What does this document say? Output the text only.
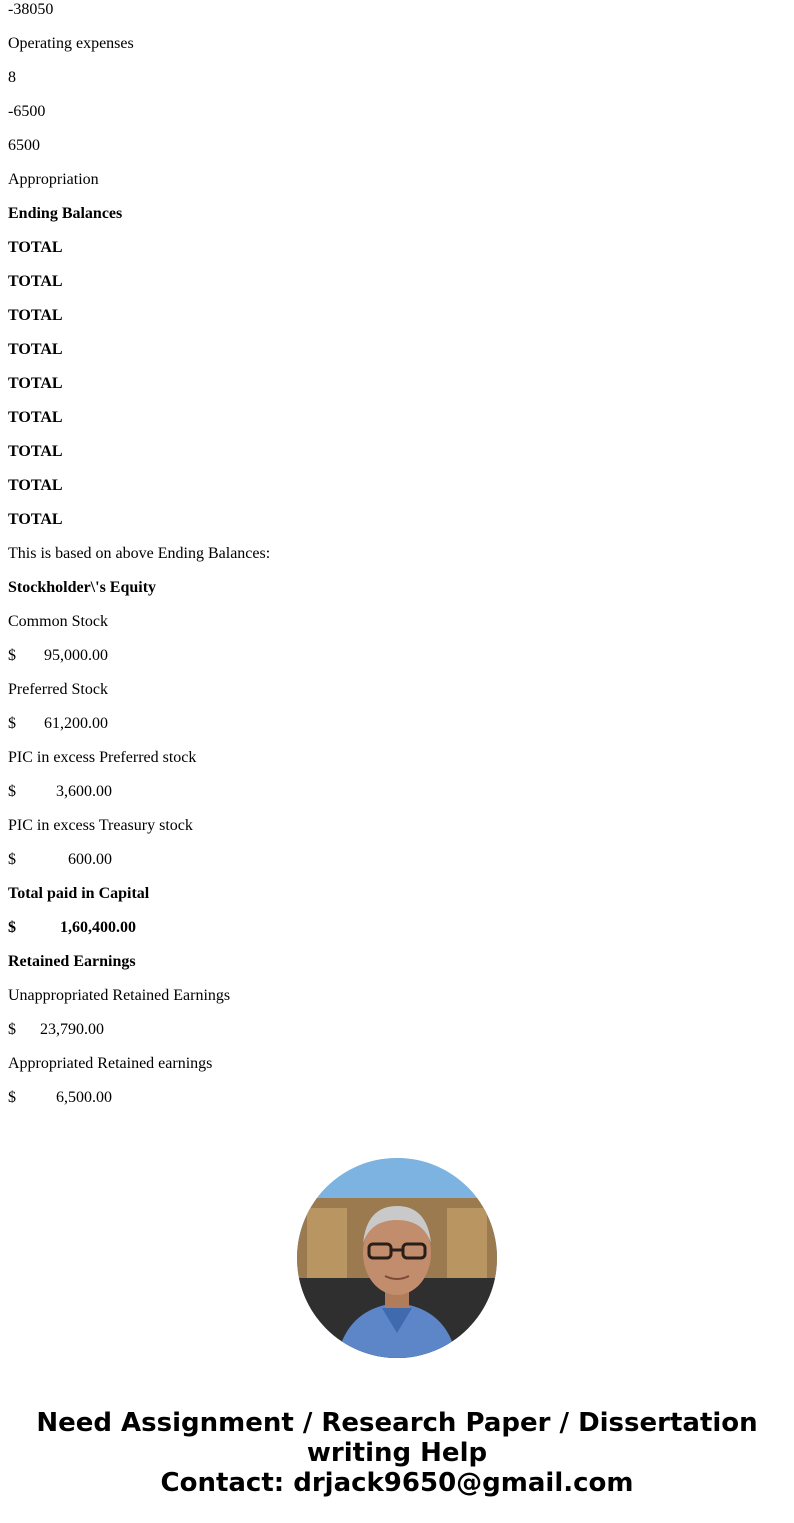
-38050
Operating expenses
8
-6500
6500
Appropriation
Ending Balances
TOTAL
TOTAL
TOTAL
TOTAL
TOTAL
TOTAL
TOTAL
TOTAL
TOTAL
This is based on above Ending Balances:
Stockholder\'s Equity
Common Stock
$       95,000.00
Preferred Stock
$       61,200.00
PIC in excess Preferred stock
$          3,600.00
PIC in excess Treasury stock
$             600.00
Total paid in Capital
$           1,60,400.00
Retained Earnings
Unappropriated Retained Earnings
$      23,790.00
Appropriated Retained earnings
$          6,500.00
Need Assignment / Research Paper / Dissertation writing Help
Contact: drjack9650@gmail.com
